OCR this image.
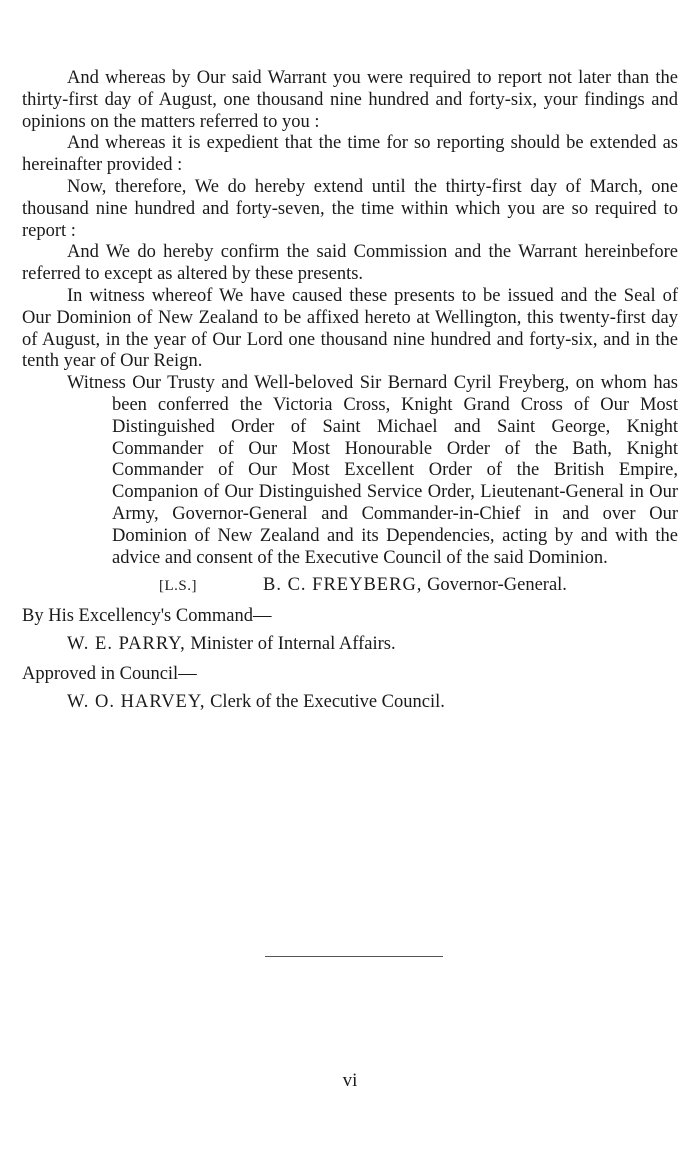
And whereas by Our said Warrant you were required to report not later than the thirty-first day of August, one thousand nine hundred and forty-six, your findings and opinions on the matters referred to you :

And whereas it is expedient that the time for so reporting should be extended as hereinafter provided :

Now, therefore, We do hereby extend until the thirty-first day of March, one thousand nine hundred and forty-seven, the time within which you are so required to report :

And We do hereby confirm the said Commission and the Warrant hereinbefore referred to except as altered by these presents.

In witness whereof We have caused these presents to be issued and the Seal of Our Dominion of New Zealand to be affixed hereto at Wellington, this twenty-first day of August, in the year of Our Lord one thousand nine hundred and forty-six, and in the tenth year of Our Reign.

Witness Our Trusty and Well-beloved Sir Bernard Cyril Freyberg, on whom has been conferred the Victoria Cross, Knight Grand Cross of Our Most Distinguished Order of Saint Michael and Saint George, Knight Commander of Our Most Honourable Order of the Bath, Knight Commander of Our Most Excellent Order of the British Empire, Companion of Our Distinguished Service Order, Lieutenant-General in Our Army, Governor-General and Commander-in-Chief in and over Our Dominion of New Zealand and its Dependencies, acting by and with the advice and consent of the Executive Council of the said Dominion.

[L.S.]	B. C. FREYBERG, Governor-General.
By His Excellency's Command—
W. E. PARRY, Minister of Internal Affairs.
Approved in Council—
W. O. HARVEY, Clerk of the Executive Council.
vi
